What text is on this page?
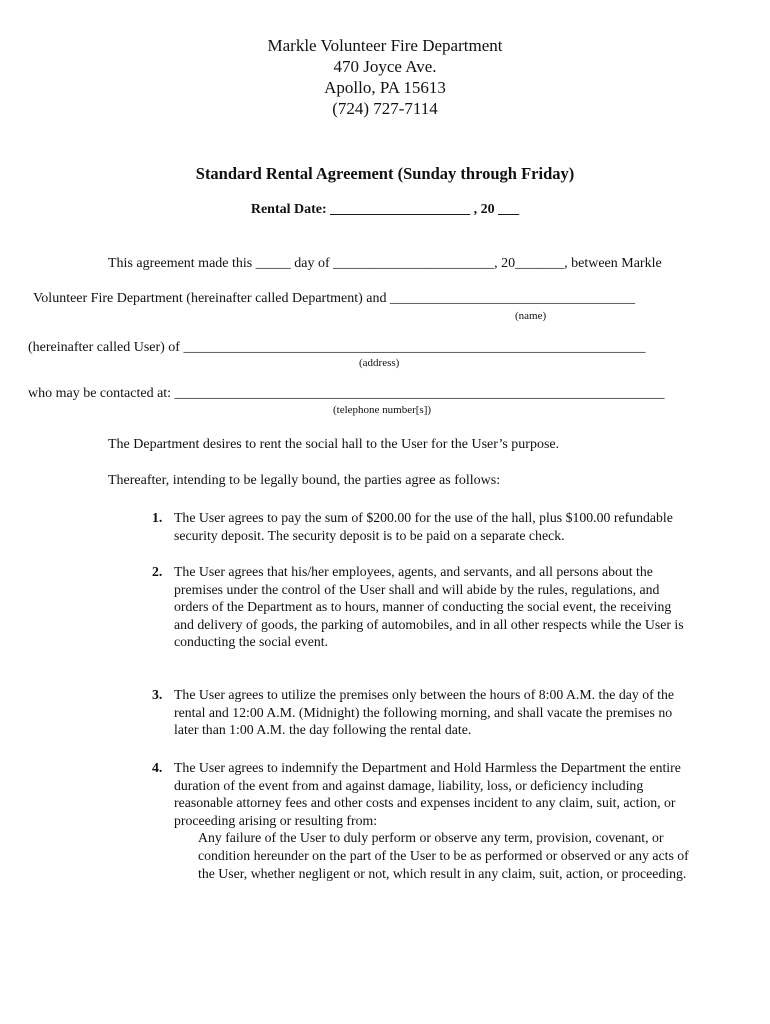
Markle Volunteer Fire Department
470 Joyce Ave.
Apollo, PA 15613
(724) 727-7114
Standard Rental Agreement (Sunday through Friday)
Rental Date: ____________________ , 20 ___
This agreement made this _____ day of _______________________, 20_______, between Markle
Volunteer Fire Department (hereinafter called Department) and ___________________________________
(name)
(hereinafter called User) of __________________________________________________________________
(address)
who may be contacted at: ______________________________________________________________________
(telephone number[s])
The Department desires to rent the social hall to the User for the User’s purpose.
Thereafter, intending to be legally bound, the parties agree as follows:
1. The User agrees to pay the sum of $200.00 for the use of the hall, plus $100.00 refundable
security deposit. The security deposit is to be paid on a separate check.
2. The User agrees that his/her employees, agents, and servants, and all persons about the
premises under the control of the User shall and will abide by the rules, regulations, and
orders of the Department as to hours, manner of conducting the social event, the receiving
and delivery of goods, the parking of automobiles, and in all other respects while the User is
conducting the social event.
3. The User agrees to utilize the premises only between the hours of 8:00 A.M. the day of the
rental and 12:00 A.M. (Midnight) the following morning, and shall vacate the premises no
later than 1:00 A.M. the day following the rental date.
4. The User agrees to indemnify the Department and Hold Harmless the Department the entire
duration of the event from and against damage, liability, loss, or deficiency including
reasonable attorney fees and other costs and expenses incident to any claim, suit, action, or
proceeding arising or resulting from:
Any failure of the User to duly perform or observe any term, provision, covenant, or
condition hereunder on the part of the User to be as performed or observed or any acts of
the User, whether negligent or not, which result in any claim, suit, action, or proceeding.
